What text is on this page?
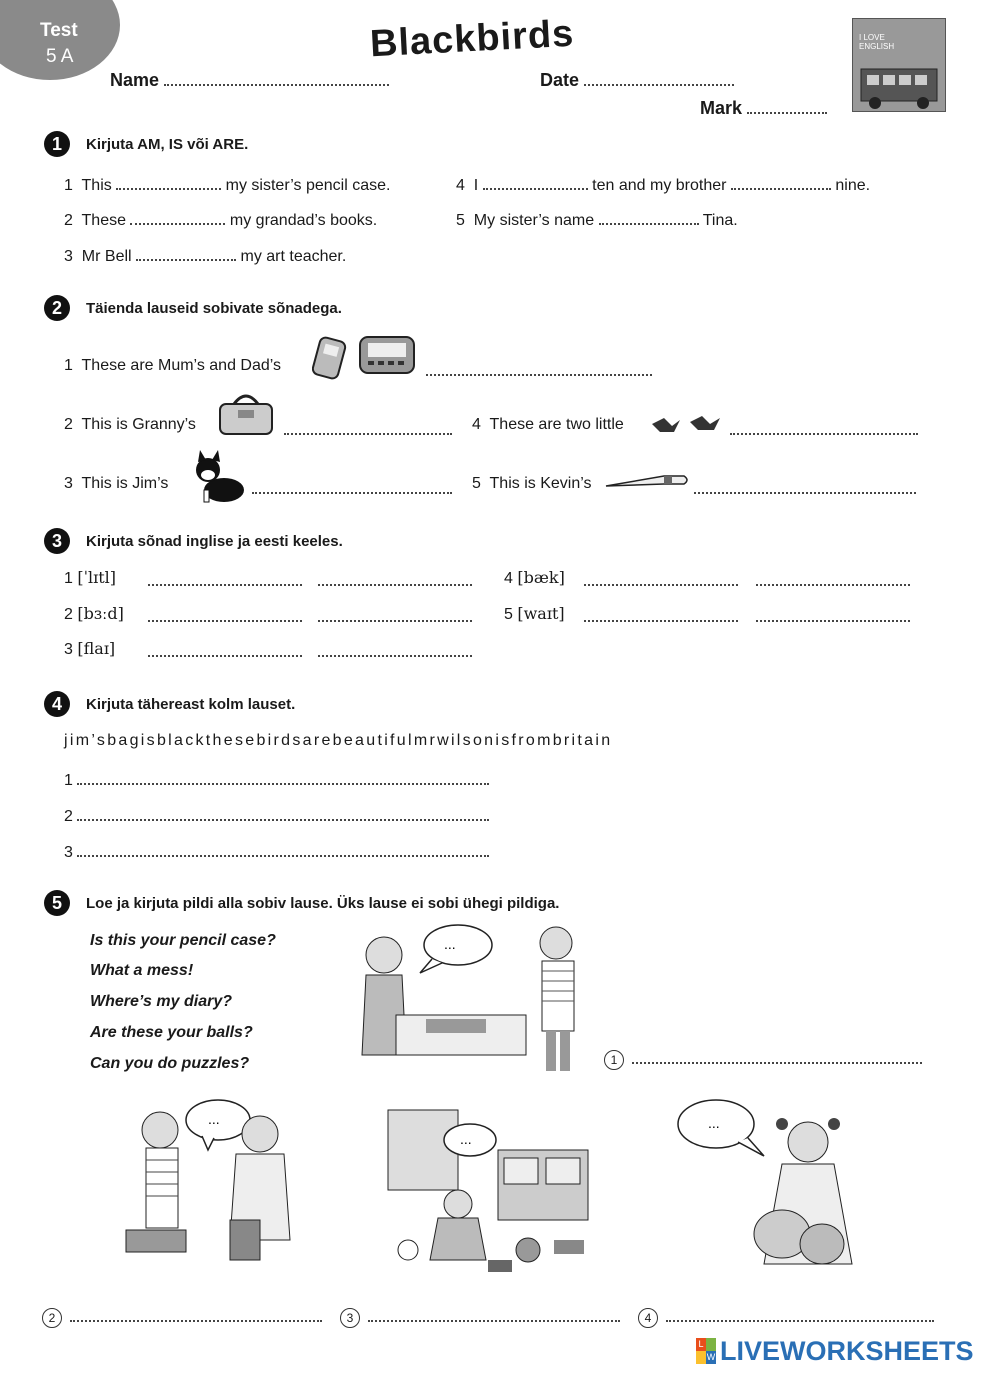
Test
5 A	Blackbirds
Name	Date
Mark
I LOVE ENGLISH
1	Kirjuta AM, IS või ARE.
1 This	my sister’s pencil case.
2 These	my grandad’s books.
3 Mr Bell	my art teacher.
4 I	ten and my brother	nine.
5 My sister’s name	Tina.
2	Täienda lauseid sobivate sõnadega.
1 These are Mum’s and Dad’s
2 This is Granny’s
3 This is Jim’s
4 These are two little
5 This is Kevin’s
3	Kirjuta sõnad inglise ja eesti keeles.
1 [ˈlɪtl]
2 [bɜːd]
3 [flaɪ]
4 [bæk]
5 [waɪt]
4	Kirjuta tähereast kolm lauset.
jim’sbagisblackthesebirdsarebeautifulmrwilsonisfrombritain
1
2
3
5	Loe ja kirjuta pildi alla sobiv lause. Üks lause ei sobi ühegi pildiga.
Is this your pencil case?
What a mess!
Where’s my diary?
Are these your balls?
Can you do puzzles?
...
1
...
2
...
3
...
4
L
W LIVEWORKSHEETS
